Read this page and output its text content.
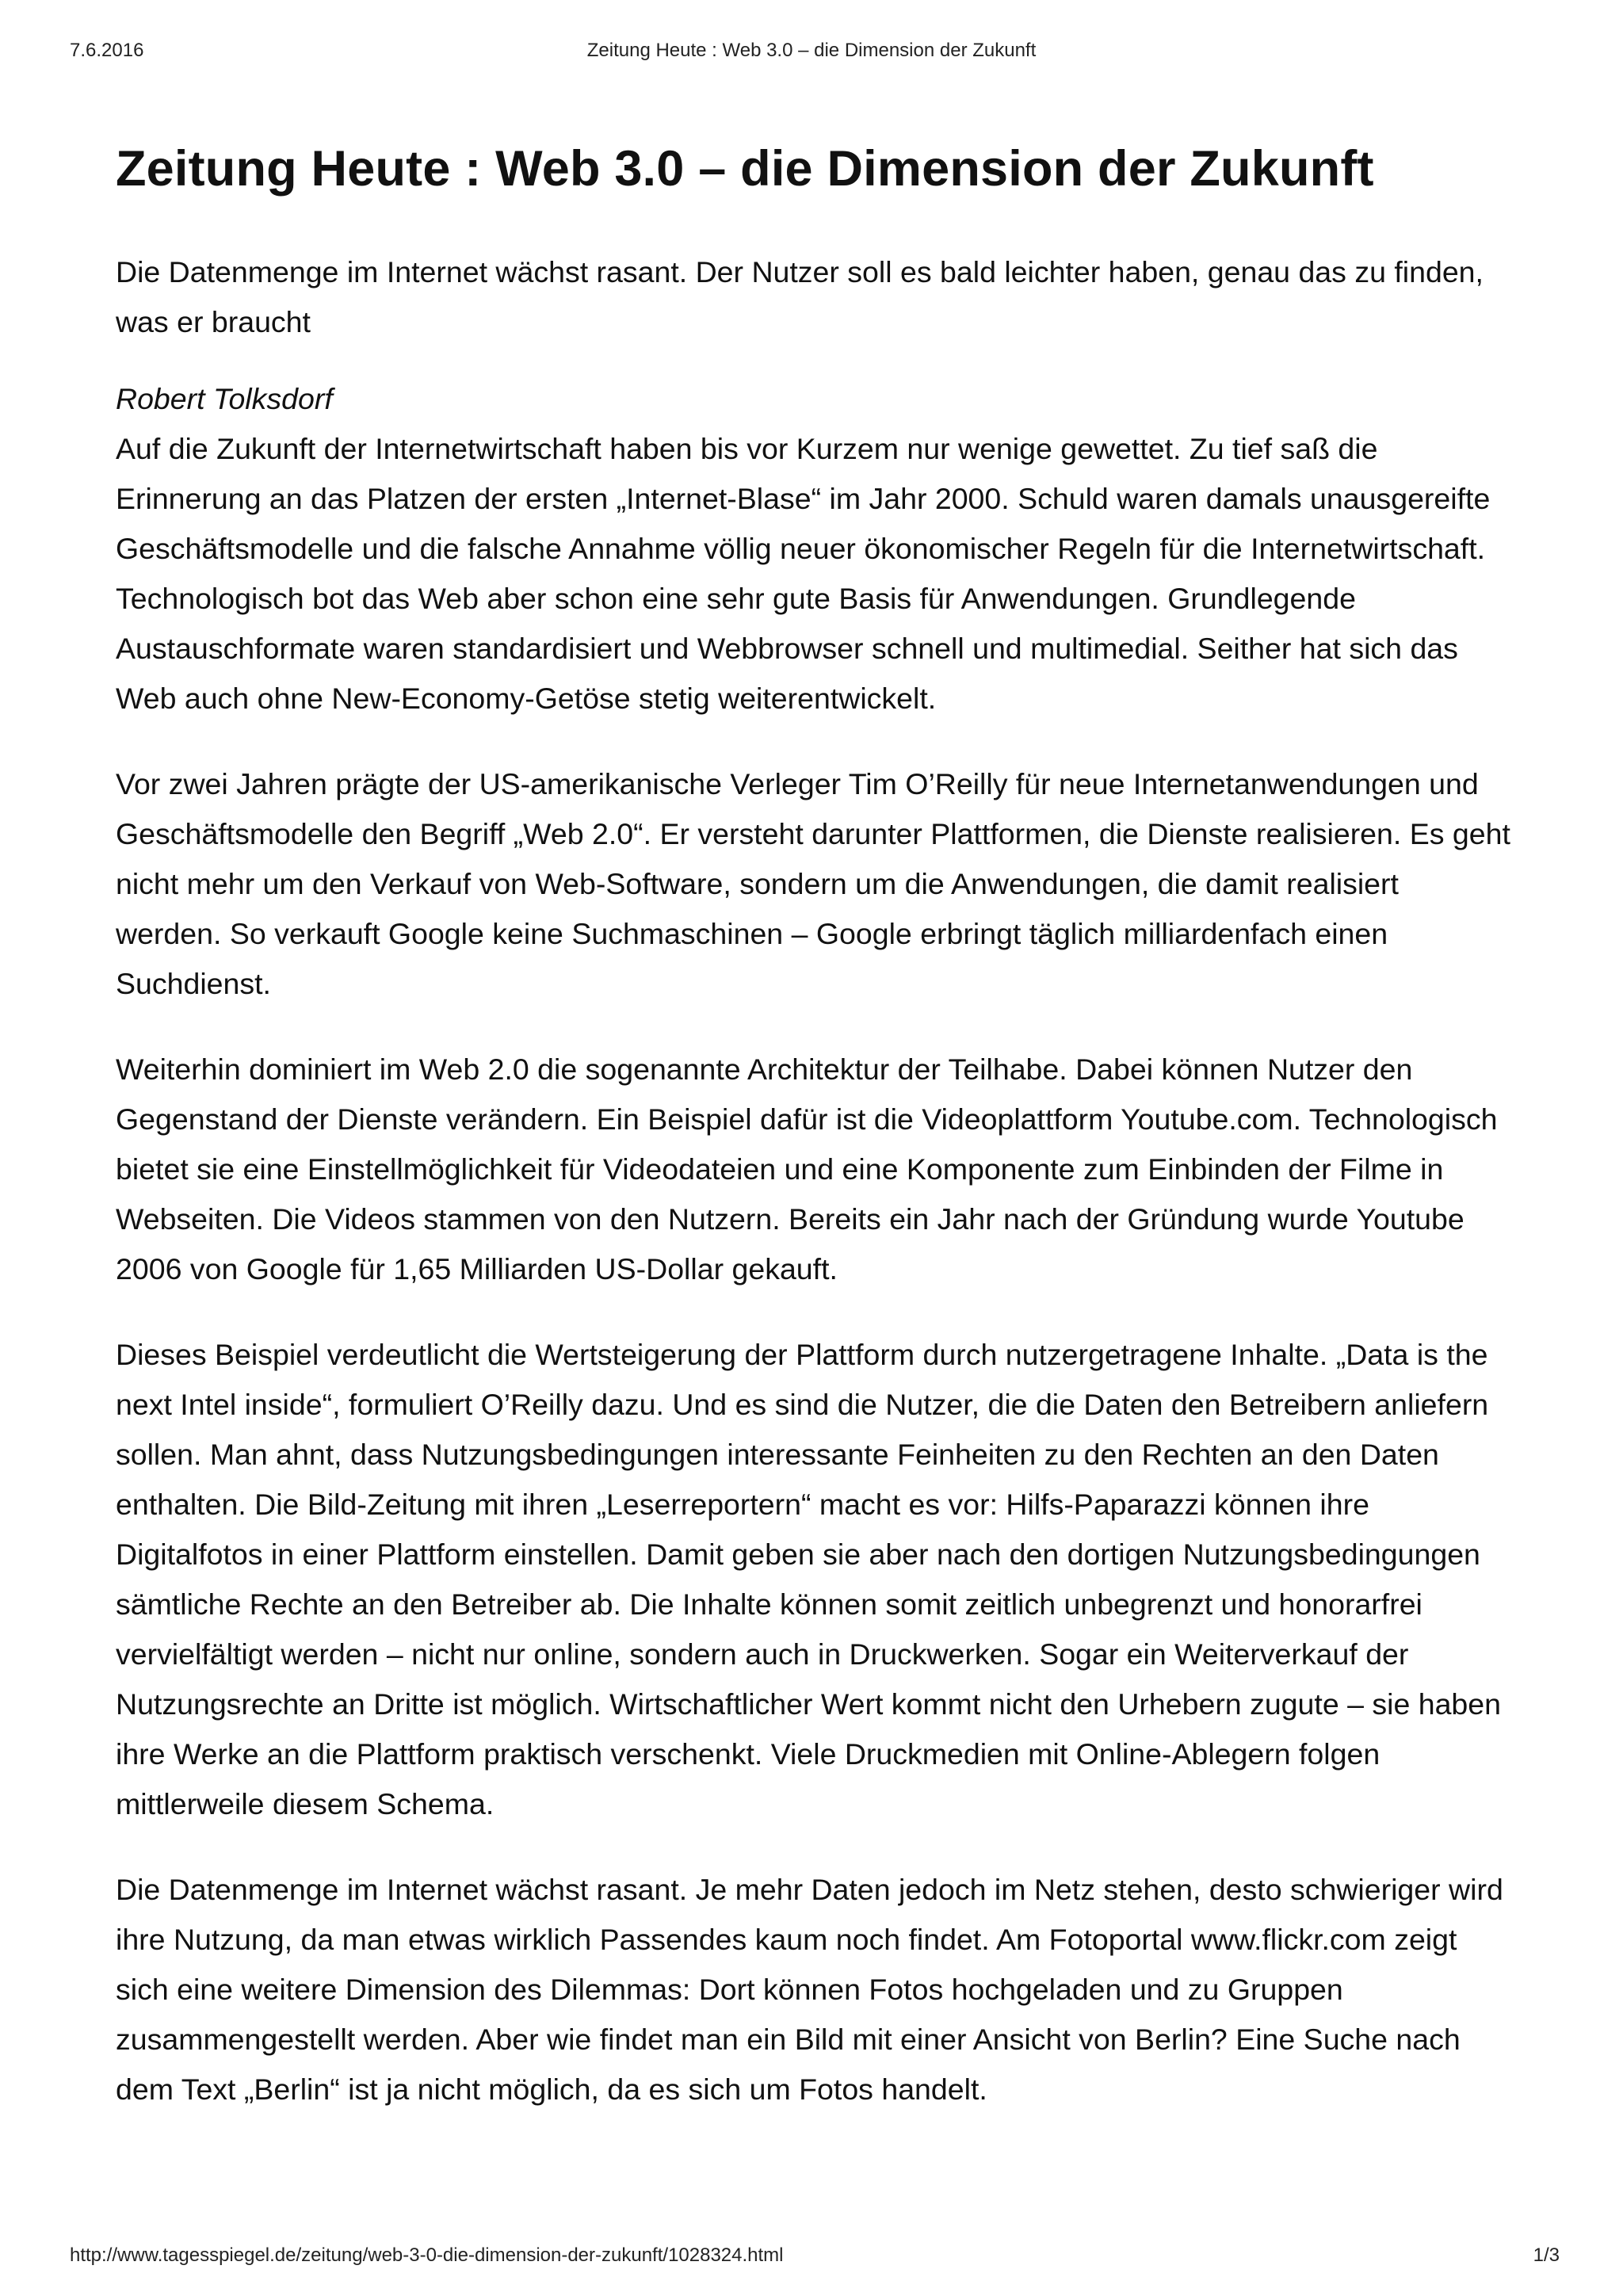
7.6.2016	Zeitung Heute : Web 3.0 – die Dimension der Zukunft
Zeitung Heute : Web 3.0 – die Dimension der Zukunft

Die Datenmenge im Internet wächst rasant. Der Nutzer soll es bald leichter haben, genau das zu finden, was er braucht

Robert Tolksdorf

Auf die Zukunft der Internetwirtschaft haben bis vor Kurzem nur wenige gewettet. Zu tief saß die Erinnerung an das Platzen der ersten „Internet-Blase“ im Jahr 2000. Schuld waren damals unausgereifte Geschäftsmodelle und die falsche Annahme völlig neuer ökonomischer Regeln für die Internetwirtschaft. Technologisch bot das Web aber schon eine sehr gute Basis für Anwendungen. Grundlegende Austauschformate waren standardisiert und Webbrowser schnell und multimedial. Seither hat sich das Web auch ohne New-Economy-Getöse stetig weiterentwickelt.

Vor zwei Jahren prägte der US-amerikanische Verleger Tim O’Reilly für neue Internetanwendungen und Geschäftsmodelle den Begriff „Web 2.0“. Er versteht darunter Plattformen, die Dienste realisieren. Es geht nicht mehr um den Verkauf von Web-Software, sondern um die Anwendungen, die damit realisiert werden. So verkauft Google keine Suchmaschinen – Google erbringt täglich milliardenfach einen Suchdienst.

Weiterhin dominiert im Web 2.0 die sogenannte Architektur der Teilhabe. Dabei können Nutzer den Gegenstand der Dienste verändern. Ein Beispiel dafür ist die Videoplattform Youtube.com. Technologisch bietet sie eine Einstellmöglichkeit für Videodateien und eine Komponente zum Einbinden der Filme in Webseiten. Die Videos stammen von den Nutzern. Bereits ein Jahr nach der Gründung wurde Youtube 2006 von Google für 1,65 Milliarden US-Dollar gekauft.

Dieses Beispiel verdeutlicht die Wertsteigerung der Plattform durch nutzergetragene Inhalte. „Data is the next Intel inside“, formuliert O’Reilly dazu. Und es sind die Nutzer, die die Daten den Betreibern anliefern sollen. Man ahnt, dass Nutzungsbedingungen interessante Feinheiten zu den Rechten an den Daten enthalten. Die Bild-Zeitung mit ihren „Leserreportern“ macht es vor: Hilfs-Paparazzi können ihre Digitalfotos in einer Plattform einstellen. Damit geben sie aber nach den dortigen Nutzungsbedingungen sämtliche Rechte an den Betreiber ab. Die Inhalte können somit zeitlich unbegrenzt und honorarfrei vervielfältigt werden – nicht nur online, sondern auch in Druckwerken. Sogar ein Weiterverkauf der Nutzungsrechte an Dritte ist möglich. Wirtschaftlicher Wert kommt nicht den Urhebern zugute – sie haben ihre Werke an die Plattform praktisch verschenkt. Viele Druckmedien mit Online-Ablegern folgen mittlerweile diesem Schema.

Die Datenmenge im Internet wächst rasant. Je mehr Daten jedoch im Netz stehen, desto schwieriger wird ihre Nutzung, da man etwas wirklich Passendes kaum noch findet. Am Fotoportal www.flickr.com zeigt sich eine weitere Dimension des Dilemmas: Dort können Fotos hochgeladen und zu Gruppen zusammengestellt werden. Aber wie findet man ein Bild mit einer Ansicht von Berlin? Eine Suche nach dem Text „Berlin“ ist ja nicht möglich, da es sich um Fotos handelt.

http://www.tagesspiegel.de/zeitung/web-3-0-die-dimension-der-zukunft/1028324.html	1/3
